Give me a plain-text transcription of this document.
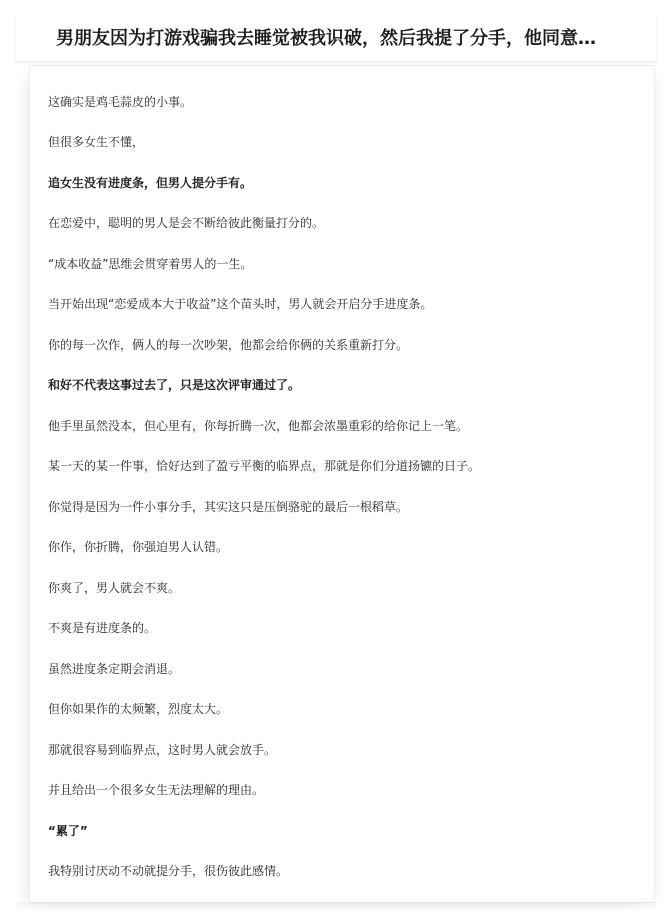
男朋友因为打游戏骗我去睡觉被我识破，然后我提了分手，他同意…

这确实是鸡毛蒜皮的小事。

但很多女生不懂，

追女生没有进度条，但男人提分手有。

在恋爱中，聪明的男人是会不断给彼此衡量打分的。

“成本收益”思维会贯穿着男人的一生。

当开始出现“恋爱成本大于收益”这个苗头时，男人就会开启分手进度条。

你的每一次作，俩人的每一次吵架，他都会给你俩的关系重新打分。

和好不代表这事过去了，只是这次评审通过了。

他手里虽然没本，但心里有，你每折腾一次，他都会浓墨重彩的给你记上一笔。

某一天的某一件事，恰好达到了盈亏平衡的临界点，那就是你们分道扬镳的日子。

你觉得是因为一件小事分手，其实这只是压倒骆驼的最后一根稻草。

你作，你折腾，你强迫男人认错。

你爽了，男人就会不爽。

不爽是有进度条的。

虽然进度条定期会消退。

但你如果作的太频繁，烈度太大。

那就很容易到临界点，这时男人就会放手。

并且给出一个很多女生无法理解的理由。

“累了”

我特别讨厌动不动就提分手，很伤彼此感情。
